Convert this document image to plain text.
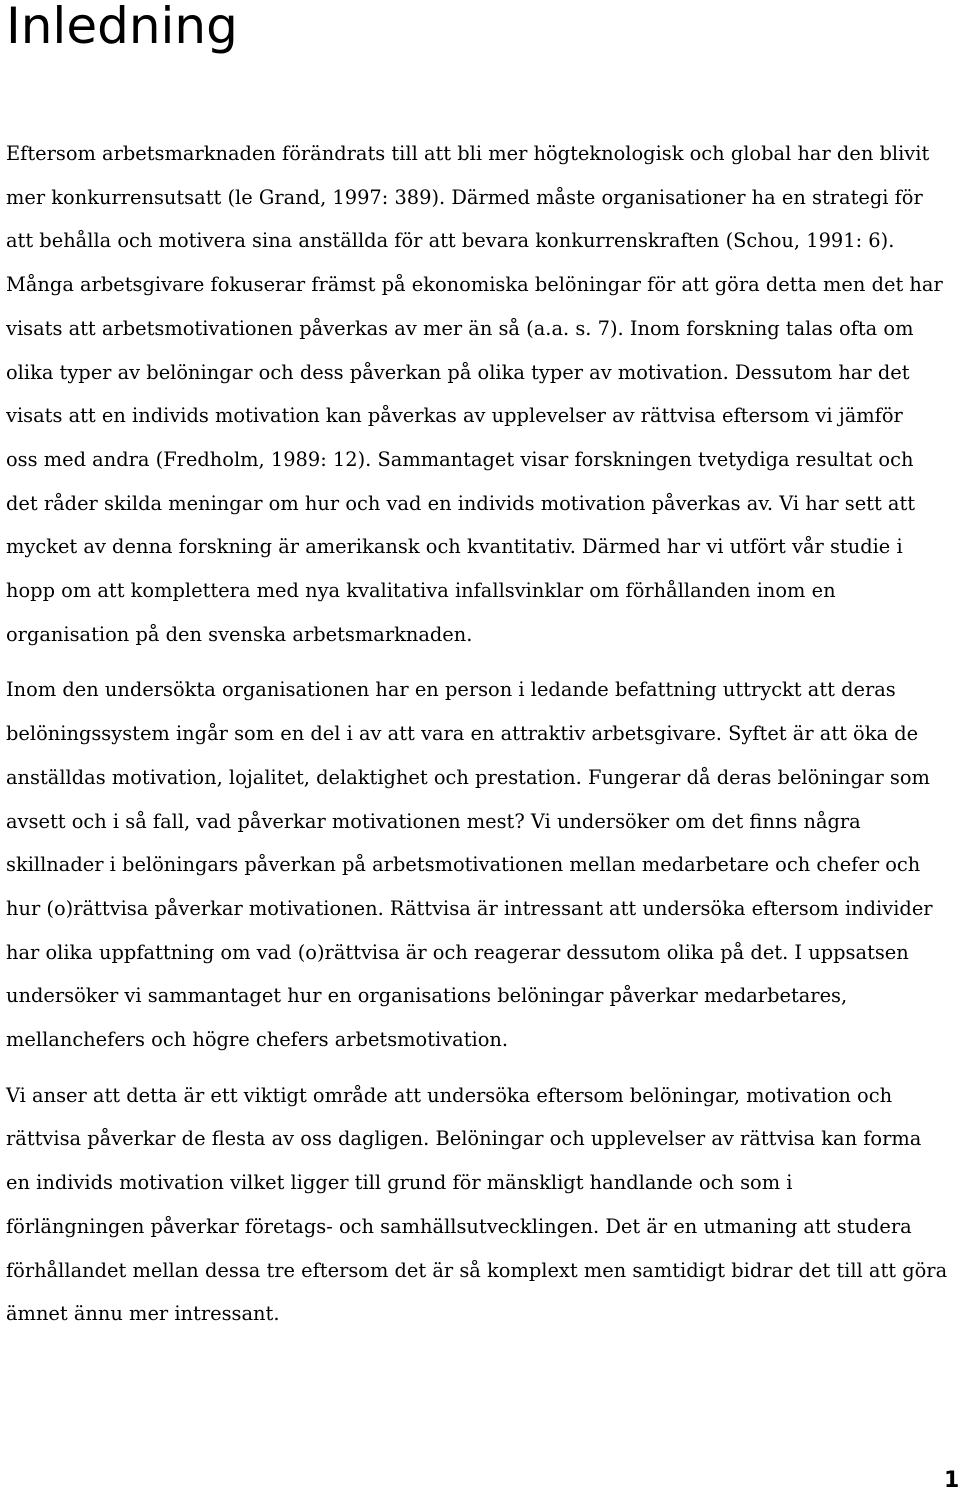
Inledning

Eftersom arbetsmarknaden förändrats till att bli mer högteknologisk och global har den blivit
mer konkurrensutsatt (le Grand, 1997: 389). Därmed måste organisationer ha en strategi för
att behålla och motivera sina anställda för att bevara konkurrenskraften (Schou, 1991: 6).
Många arbetsgivare fokuserar främst på ekonomiska belöningar för att göra detta men det har
visats att arbetsmotivationen påverkas av mer än så (a.a. s. 7). Inom forskning talas ofta om
olika typer av belöningar och dess påverkan på olika typer av motivation. Dessutom har det
visats att en individs motivation kan påverkas av upplevelser av rättvisa eftersom vi jämför
oss med andra (Fredholm, 1989: 12). Sammantaget visar forskningen tvetydiga resultat och
det råder skilda meningar om hur och vad en individs motivation påverkas av. Vi har sett att
mycket av denna forskning är amerikansk och kvantitativ. Därmed har vi utfört vår studie i
hopp om att komplettera med nya kvalitativa infallsvinklar om förhållanden inom en
organisation på den svenska arbetsmarknaden.

Inom den undersökta organisationen har en person i ledande befattning uttryckt att deras
belöningssystem ingår som en del i av att vara en attraktiv arbetsgivare. Syftet är att öka de
anställdas motivation, lojalitet, delaktighet och prestation. Fungerar då deras belöningar som
avsett och i så fall, vad påverkar motivationen mest? Vi undersöker om det finns några
skillnader i belöningars påverkan på arbetsmotivationen mellan medarbetare och chefer och
hur (o)rättvisa påverkar motivationen. Rättvisa är intressant att undersöka eftersom individer
har olika uppfattning om vad (o)rättvisa är och reagerar dessutom olika på det. I uppsatsen
undersöker vi sammantaget hur en organisations belöningar påverkar medarbetares,
mellanchefers och högre chefers arbetsmotivation.

Vi anser att detta är ett viktigt område att undersöka eftersom belöningar, motivation och
rättvisa påverkar de flesta av oss dagligen. Belöningar och upplevelser av rättvisa kan forma
en individs motivation vilket ligger till grund för mänskligt handlande och som i
förlängningen påverkar företags- och samhällsutvecklingen. Det är en utmaning att studera
förhållandet mellan dessa tre eftersom det är så komplext men samtidigt bidrar det till att göra
ämnet ännu mer intressant.

1
